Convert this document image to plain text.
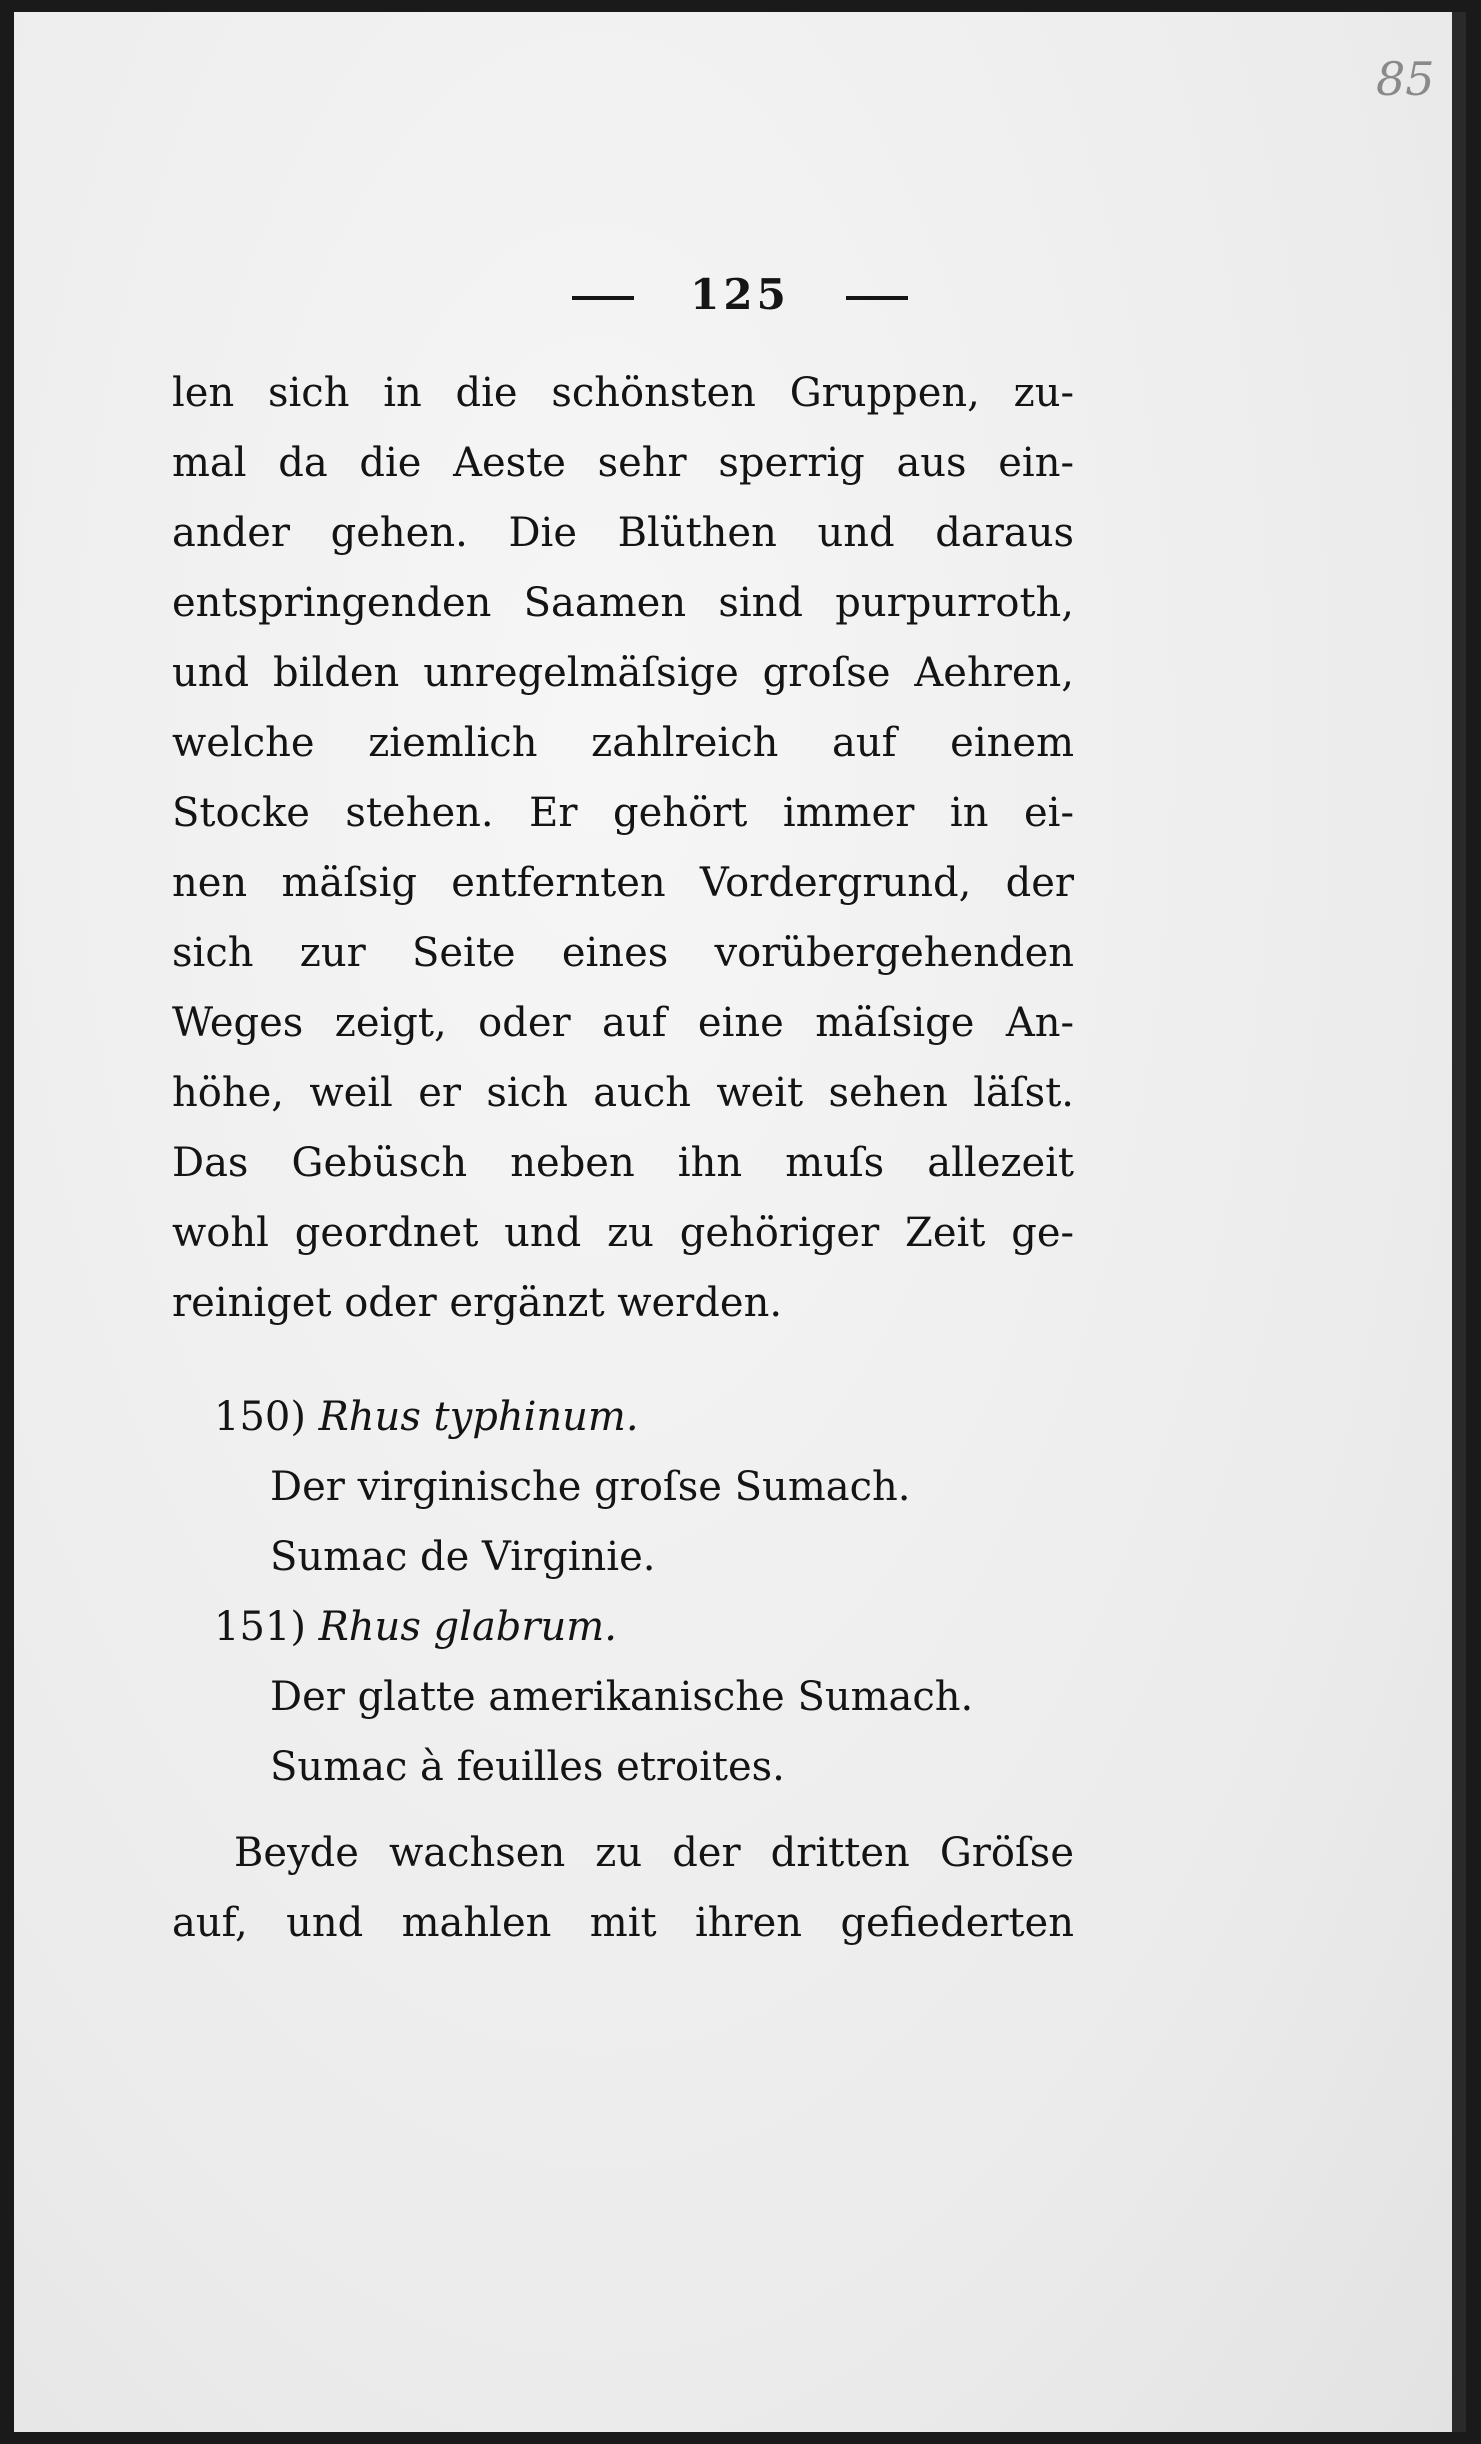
85
125
len sich in die schönsten Gruppen, zu-
mal da die Aeste sehr sperrig aus ein-
ander gehen. Die Blüthen und daraus
entspringenden Saamen sind purpurroth,
und bilden unregelmäſsige groſse Aehren,
welche ziemlich zahlreich auf einem
Stocke stehen. Er gehört immer in ei-
nen mäſsig entfernten Vordergrund, der
sich zur Seite eines vorübergehenden
Weges zeigt, oder auf eine mäſsige An-
höhe, weil er sich auch weit sehen läſst.
Das Gebüsch neben ihn muſs allezeit
wohl geordnet und zu gehöriger Zeit ge-
reiniget oder ergänzt werden.
150) Rhus typhinum.
Der virginische groſse Sumach.
Sumac de Virginie.
151) Rhus glabrum.
Der glatte amerikanische Sumach.
Sumac à feuilles etroites.
Beyde wachsen zu der dritten Gröſse
auf, und mahlen mit ihren gefiederten
